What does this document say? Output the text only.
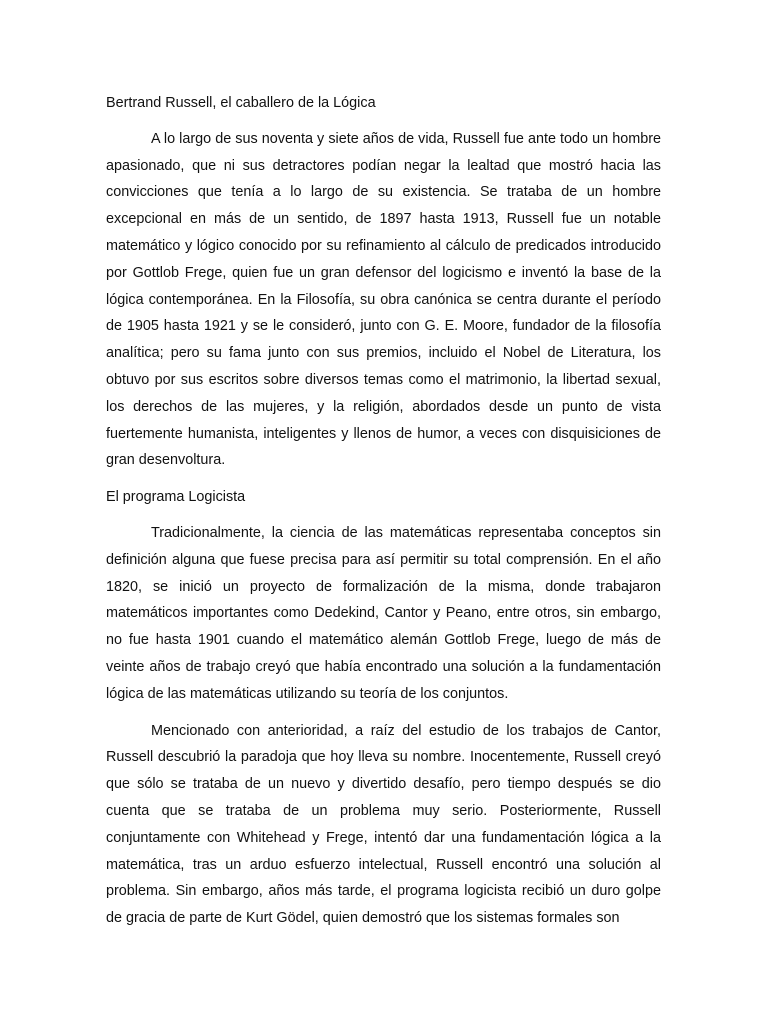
Bertrand Russell, el caballero de la Lógica

A lo largo de sus noventa y siete años de vida, Russell fue ante todo un hombre apasionado, que ni sus detractores podían negar la lealtad que mostró hacia las convicciones que tenía a lo largo de su existencia. Se trataba de un hombre excepcional en más de un sentido, de 1897 hasta 1913, Russell fue un notable matemático y lógico conocido por su refinamiento al cálculo de predicados introducido por Gottlob Frege, quien fue un gran defensor del logicismo e inventó la base de la lógica contemporánea. En la Filosofía, su obra canónica se centra durante el período de 1905 hasta 1921 y se le consideró, junto con G. E. Moore, fundador de la filosofía analítica; pero su fama junto con sus premios, incluido el Nobel de Literatura, los obtuvo por sus escritos sobre diversos temas como el matrimonio, la libertad sexual, los derechos de las mujeres, y la religión, abordados desde un punto de vista fuertemente humanista, inteligentes y llenos de humor, a veces con disquisiciones de gran desenvoltura.

El programa Logicista

Tradicionalmente, la ciencia de las matemáticas representaba conceptos sin definición alguna que fuese precisa para así permitir su total comprensión. En el año 1820, se inició un proyecto de formalización de la misma, donde trabajaron matemáticos importantes como Dedekind, Cantor y Peano, entre otros, sin embargo, no fue hasta 1901 cuando el matemático alemán Gottlob Frege, luego de más de veinte años de trabajo creyó que había encontrado una solución a la fundamentación lógica de las matemáticas utilizando su teoría de los conjuntos.

Mencionado con anterioridad, a raíz del estudio de los trabajos de Cantor, Russell descubrió la paradoja que hoy lleva su nombre. Inocentemente, Russell creyó que sólo se trataba de un nuevo y divertido desafío, pero tiempo después se dio cuenta que se trataba de un problema muy serio. Posteriormente, Russell conjuntamente con Whitehead y Frege, intentó dar una fundamentación lógica a la matemática, tras un arduo esfuerzo intelectual, Russell encontró una solución al problema. Sin embargo, años más tarde, el programa logicista recibió un duro golpe de gracia de parte de Kurt Gödel, quien demostró que los sistemas formales son
